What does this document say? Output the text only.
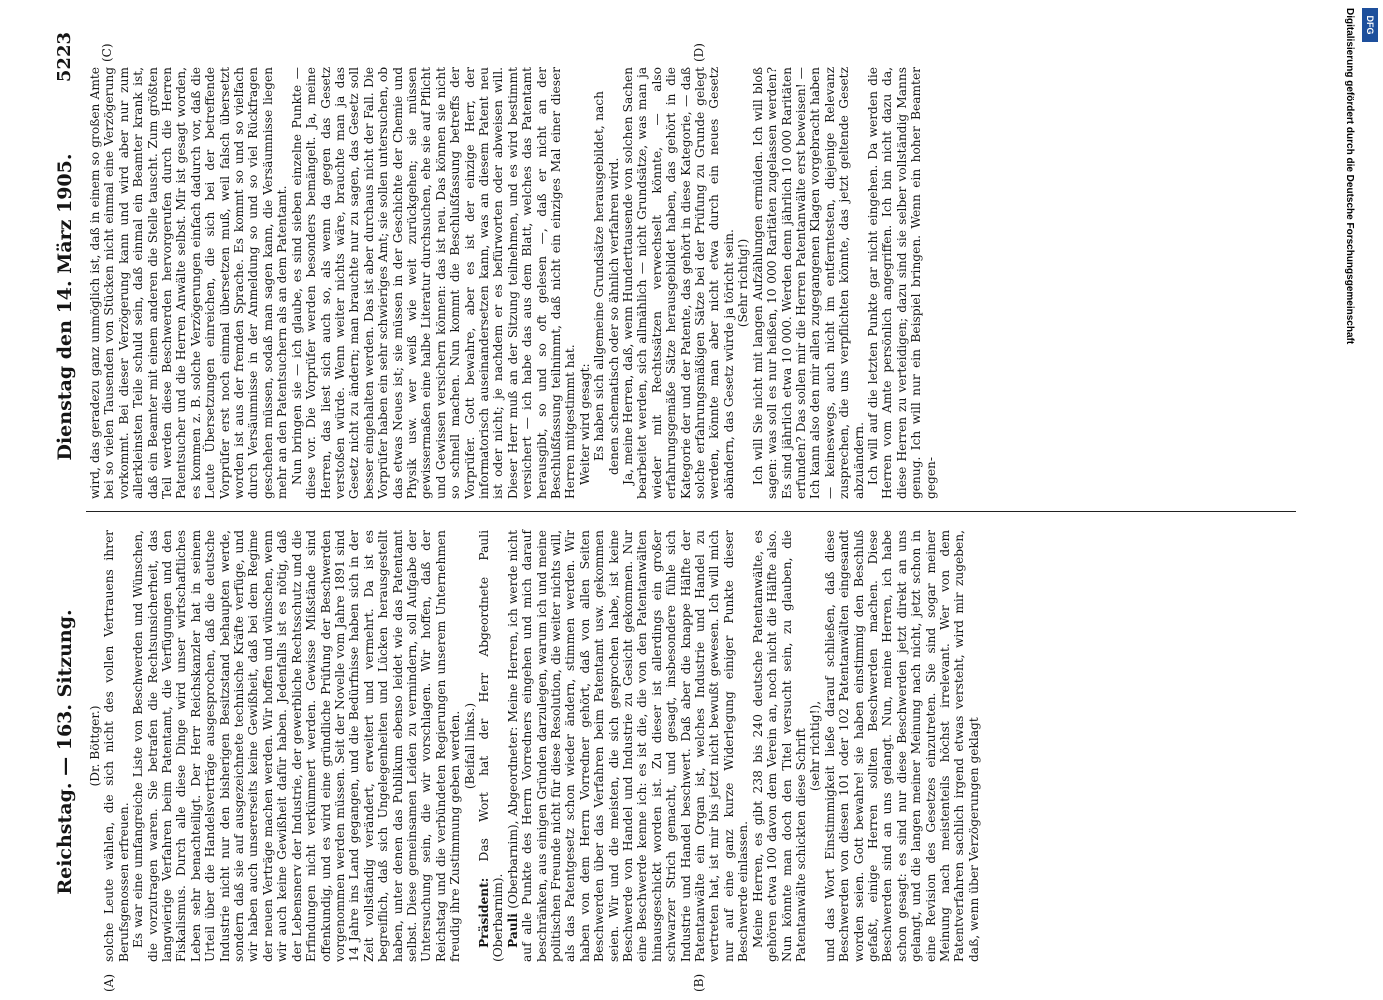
Reichstag. — 163. Sitzung.
Dienstag den 14. März 1905.
5223
(A)	(B)
(C)	(D)

(Dr. Böttger.) solche Leute wählen, die sich nicht des vollen Vertrauens ihrer Berufsgenossen erfreuen. Es war eine umfangreiche Liste von Beschwerden und Wünschen, die vorzutragen waren. Sie betrafen die Rechtsunsicherheit, das langwierige Verfahren beim Patentamt, die Verfügungen und den Fiskalismus. Durch alle diese Dinge wird unser wirtschaftliches Leben sehr benachteiligt. Der Herr Reichskanzler hat in seinem Urteil über die Handelsverträge ausgesprochen, daß die deutsche Industrie nicht nur den bisherigen Besitzstand behaupten werde, sondern daß sie auf ausgezeichnete technische Kräfte verfüge, und wir haben auch unsererseits keine Gewißheit, daß bei dem Regime der neuen Verträge machen werden. Wir hoffen und wünschen, wenn wir auch keine Gewißheit dafür haben. Jedenfalls ist es nötig, daß der Lebensnerv der Industrie, der gewerbliche Rechtsschutz und die Erfindungen nicht verkümmert werden. Gewisse Mißstände sind offenkundig, und es wird eine gründliche Prüfung der Beschwerden vorgenommen werden müssen. Seit der Novelle vom Jahre 1891 sind 14 Jahre ins Land gegangen, und die Bedürfnisse haben sich in der Zeit vollständig verändert, erweitert und vermehrt. Da ist es begreiflich, daß sich Ungelegenheiten und Lücken herausgestellt haben, unter denen das Publikum ebenso leidet wie das Patentamt selbst. Diese gemeinsamen Leiden zu vermindern, soll Aufgabe der Untersuchung sein, die wir vorschlagen. Wir hoffen, daß der Reichstag und die verbündeten Regierungen unserem Unternehmen freudig ihre Zustimmung geben werden. (Beifall links.)

Präsident: Das Wort hat der Herr Abgeordnete Pauli (Oberbarnim). Pauli (Oberbarnim), Abgeordneter: Meine Herren, ich werde nicht auf alle Punkte des Herrn Vorredners eingehen und mich darauf beschränken, aus einigen Gründen darzulegen, warum ich und meine politischen Freunde nicht für diese Resolution, die weiter nichts will, als das Patentgesetz schon wieder ändern, stimmen werden. Wir haben von dem Herrn Vorredner gehört, daß von allen Seiten Beschwerden über das Verfahren beim Patentamt usw. gekommen seien. Wir und die meisten, die sich gesprochen habe, ist keine Beschwerde von Handel und Industrie zu Gesicht gekommen. Nur eine Beschwerde kenne ich: es ist die, die von den Patentanwälten hinausgeschickt worden ist. Zu dieser ist allerdings ein großer schwarzer Strich gemacht, und gesagt, insbesondere fühle sich Industrie und Handel beschwert. Daß aber die knappe Hälfte der Patentanwälte ein Organ ist, welches Industrie und Handel zu vertreten hat, ist mir bis jetzt nicht bewußt gewesen. Ich will mich nur auf eine ganz kurze Widerlegung einiger Punkte dieser Beschwerde einlassen. Meine Herren, es gibt 238 bis 240 deutsche Patentanwälte, es gehören etwa 100 davon dem Verein an, noch nicht die Hälfte also. Nun könnte man doch den Titel versucht sein, zu glauben, die Patentanwälte schickten diese Schrift (sehr richtig!), und das Wort Einstimmigkeit ließe darauf schließen, daß diese Beschwerden von diesen 101 oder 102 Patentanwälten eingesandt worden seien. Gott bewahre! sie haben einstimmig den Beschluß gefaßt, einige Herren sollten Beschwerden machen. Diese Beschwerden sind an uns gelangt. Nun, meine Herren, ich habe schon gesagt: es sind nur diese Beschwerden jetzt direkt an uns gelangt, und die langen meiner Meinung nach nicht, jetzt schon in eine Revision des Gesetzes einzutreten. Sie sind sogar meiner Meinung nach meistenteils höchst irrelevant. Wer von dem Patentverfahren sachlich irgend etwas versteht, wird mir zugeben, daß, wenn über Verzögerungen geklagt

wird, das geradezu ganz unmöglich ist, daß in einem so großen Amte bei so vielen Tausenden von Stücken nicht einmal eine Verzögerung vorkommt. Bei dieser Verzögerung kann und wird aber nur zum allerkleinsten Teile schuld sein, daß einmal ein Beamter krank ist, daß ein Beamter mit einem anderen die Stelle tauscht. Zum größten Teil werden diese Beschwerden hervorgerufen durch die Herren Patentsucher und die Herren Anwälte selbst. Mir ist gesagt worden, es kommen z. B. solche Verzögerungen einfach dadurch vor, daß die Leute Übersetzungen einreichen, die sich bei der betreffende Vorprüfer erst noch einmal übersetzen muß, weil falsch übersetzt worden ist aus der fremden Sprache. Es kommt so und so vielfach durch Versäumnisse in der Anmeldung so und so viel Rückfragen geschehen müssen, sodaß man sagen kann, die Versäumnisse liegen mehr an den Patentsuchern als an dem Patentamt. Nun bringen sie — ich glaube, es sind sieben einzelne Punkte — diese vor. Die Vorprüfer werden besonders bemängelt. Ja, meine Herren, das liest sich auch so, als wenn da gegen das Gesetz verstoßen würde. Wenn weiter nichts wäre, brauchte man ja das Gesetz nicht zu ändern; man brauchte nur zu sagen, das Gesetz soll besser eingehalten werden. Das ist aber durchaus nicht der Fall. Die Vorprüfer haben ein sehr schwieriges Amt; sie sollen untersuchen, ob das etwas Neues ist; sie müssen in der Geschichte der Chemie und Physik usw. wer weiß wie weit zurückgehen; sie müssen gewissermaßen eine halbe Literatur durchsuchen, ehe sie auf Pflicht und Gewissen versichern können: das ist neu. Das können sie nicht so schnell machen. Nun kommt die Beschlußfassung betreffs der Vorprüfer. Gott bewahre, aber es ist der einzige Herr, der informatorisch auseinandersetzen kann, was an diesem Patent neu ist oder nicht; je nachdem er es befürworten oder abweisen will. Dieser Herr muß an der Sitzung teilnehmen, und es wird bestimmt versichert — ich habe das aus dem Blatt, welches das Patentamt herausgibt, so und so oft gelesen —, daß er nicht an der Beschlußfassung teilnimmt, daß nicht ein einziges Mal einer dieser Herren mitgestimmt hat. Weiter wird gesagt: Es haben sich allgemeine Grundsätze herausgebildet, nach denen schematisch oder so ähnlich verfahren wird. Ja, meine Herren, daß, wenn Hunderttausende von solchen Sachen bearbeitet werden, sich allmählich — nicht Grundsätze, was man ja wieder mit Rechtssätzen verwechselt könnte, — also erfahrungsgemäße Sätze herausgebildet haben, das gehört in die Kategorie der und der Patente, das gehört in diese Kategorie, — daß solche erfahrungsmäßigen Sätze bei der Prüfung zu Grunde gelegt werden, könnte man aber nicht etwa durch ein neues Gesetz abändern, das Gesetz würde ja töricht sein. (Sehr richtig!) Ich will Sie nicht mit langen Aufzählungen ermüden. Ich will bloß sagen: was soll es nur heißen, 10 000 Raritäten zugelassen werden? Es sind jährlich etwa 10 000. Werden denn jährlich 10 000 Raritäten erfunden? Das sollen mir die Herren Patentanwälte erst beweisen! — Ich kann also den mir allen zugegangenen Klagen vorgebracht haben — keineswegs, auch nicht im entferntesten, diejenige Relevanz zusprechen, die uns verpflichten könnte, das jetzt geltende Gesetz abzuändern. Ich will auf die letzten Punkte gar nicht eingehen. Da werden die Herren vom Amte persönlich angegriffen. Ich bin nicht dazu da, diese Herren zu verteidigen; dazu sind sie selber vollständig Manns genug. Ich will nur ein Beispiel bringen. Wenn ein hoher Beamter gegen-

Digitalisierung gefördert durch die Deutsche Forschungsgemeinschaft	DFG
